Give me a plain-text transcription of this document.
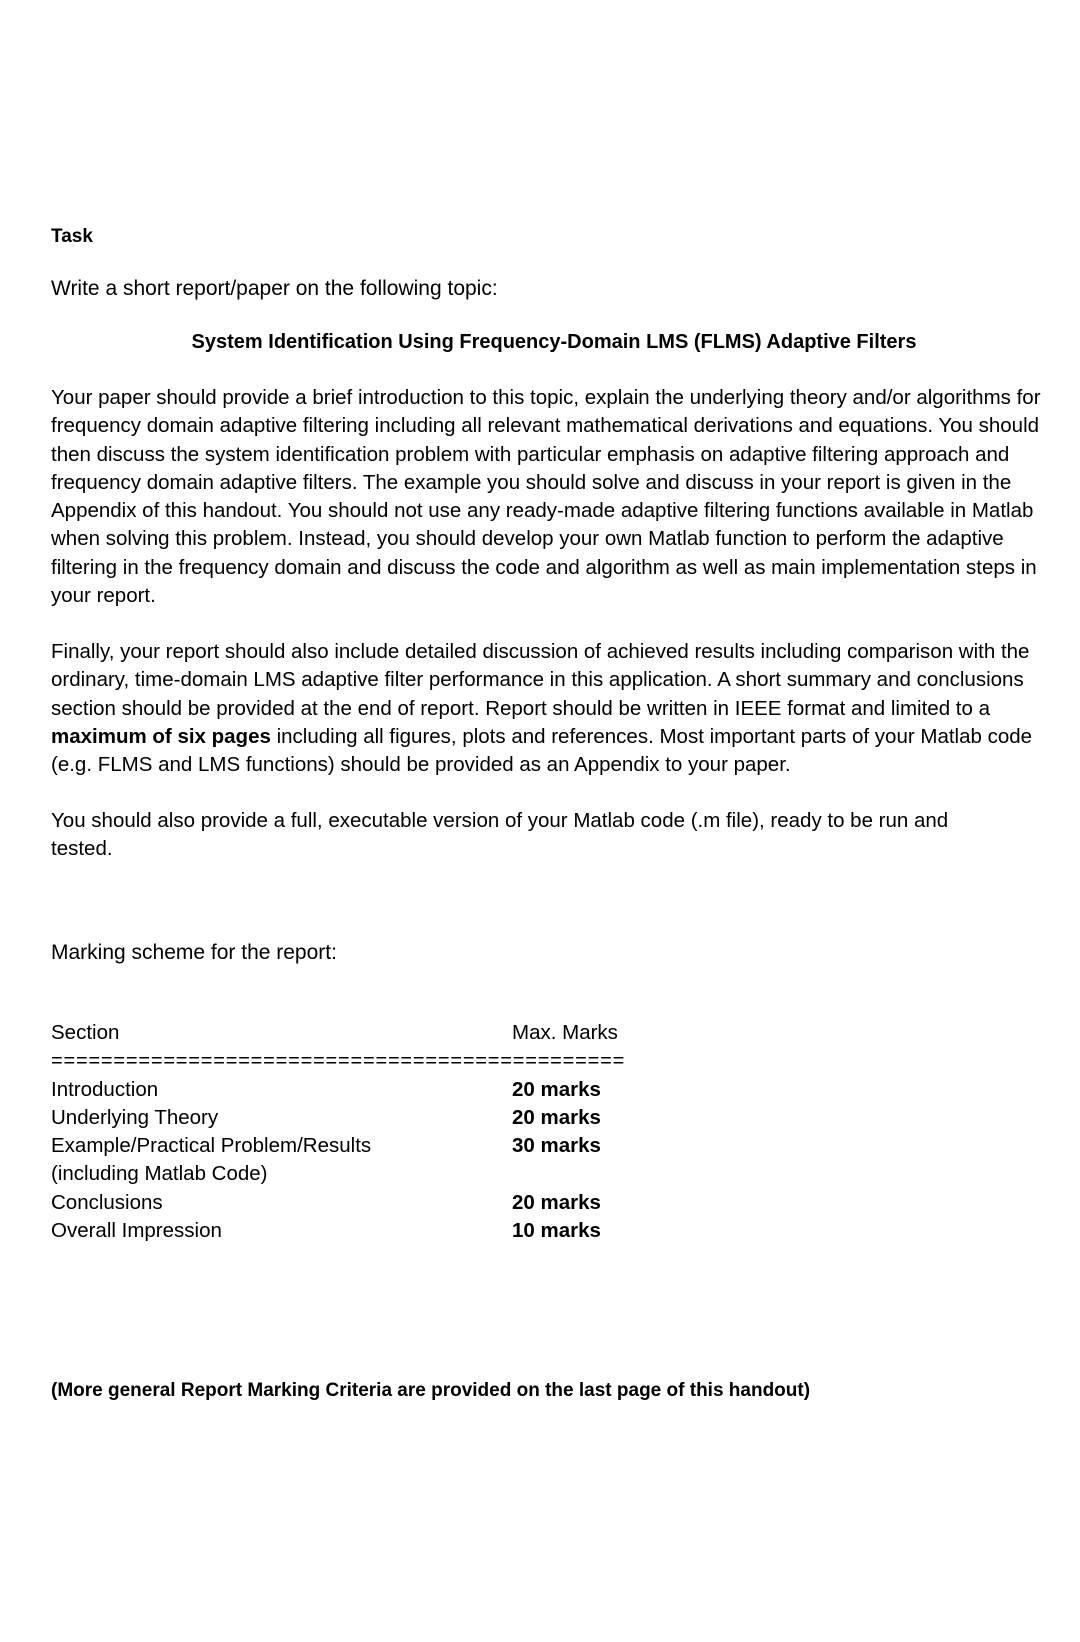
Task

Write a short report/paper on the following topic:

System Identification Using Frequency-Domain LMS (FLMS) Adaptive Filters

Your paper should provide a brief introduction to this topic, explain the underlying theory and/or algorithms for frequency domain adaptive filtering including all relevant mathematical derivations and equations. You should then discuss the system identification problem with particular emphasis on adaptive filtering approach and frequency domain adaptive filters. The example you should solve and discuss in your report is given in the Appendix of this handout. You should not use any ready-made adaptive filtering functions available in Matlab when solving this problem. Instead, you should develop your own Matlab function to perform the adaptive filtering in the frequency domain and discuss the code and algorithm as well as main implementation steps in your report.

Finally, your report should also include detailed discussion of achieved results including comparison with the ordinary, time-domain LMS adaptive filter performance in this application. A short summary and conclusions section should be provided at the end of report. Report should be written in IEEE format and limited to a maximum of six pages including all figures, plots and references. Most important parts of your Matlab code (e.g. FLMS and LMS functions) should be provided as an Appendix to your paper.

You should also provide a full, executable version of your Matlab code (.m file), ready to be run and tested.

Marking scheme for the report:

Section	Max. Marks

==============================================

Introduction	20 marks

Underlying Theory	20 marks

Example/Practical Problem/Results	30 marks

(including Matlab Code)

Conclusions	20 marks

Overall Impression	10 marks

(More general Report Marking Criteria are provided on the last page of this handout)
